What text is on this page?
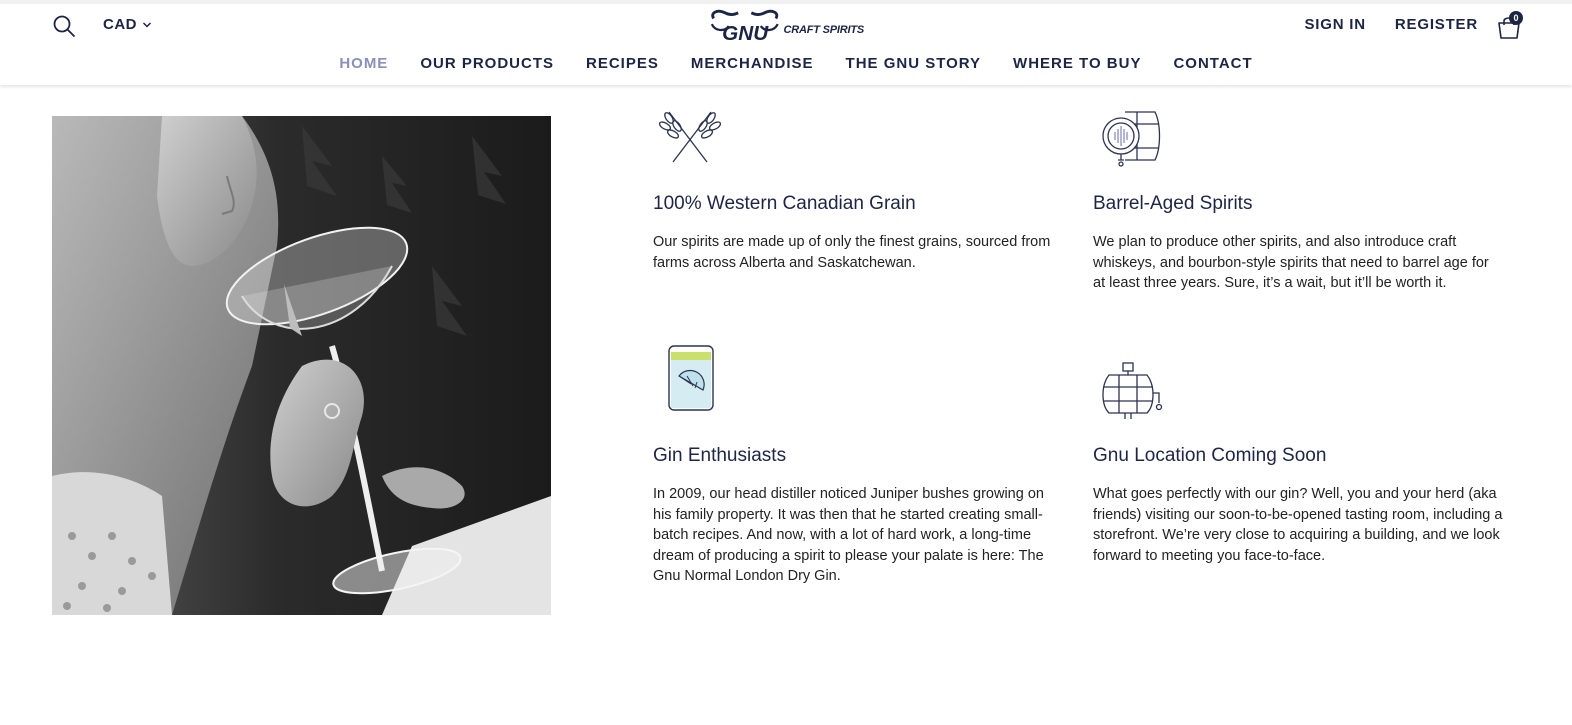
CAD	GNU CRAFT SPIRITS	SIGN IN REGISTER	0
HOME OUR PRODUCTS RECIPES MERCHANDISE THE GNU STORY WHERE TO BUY CONTACT
100% Western Canadian Grain

Our spirits are made up of only the finest grains, sourced from farms across Alberta and Saskatchewan.

Barrel-Aged Spirits

We plan to produce other spirits, and also introduce craft whiskeys, and bourbon-style spirits that need to barrel age for at least three years. Sure, it’s a wait, but it’ll be worth it.

Gin Enthusiasts

In 2009, our head distiller noticed Juniper bushes growing on his family property. It was then that he started creating small-batch recipes. And now, with a lot of hard work, a long-time dream of producing a spirit to please your palate is here: The Gnu Normal London Dry Gin.

Gnu Location Coming Soon

What goes perfectly with our gin? Well, you and your herd (aka friends) visiting our soon-to-be-opened tasting room, including a storefront. We’re very close to acquiring a building, and we look forward to meeting you face-to-face.
